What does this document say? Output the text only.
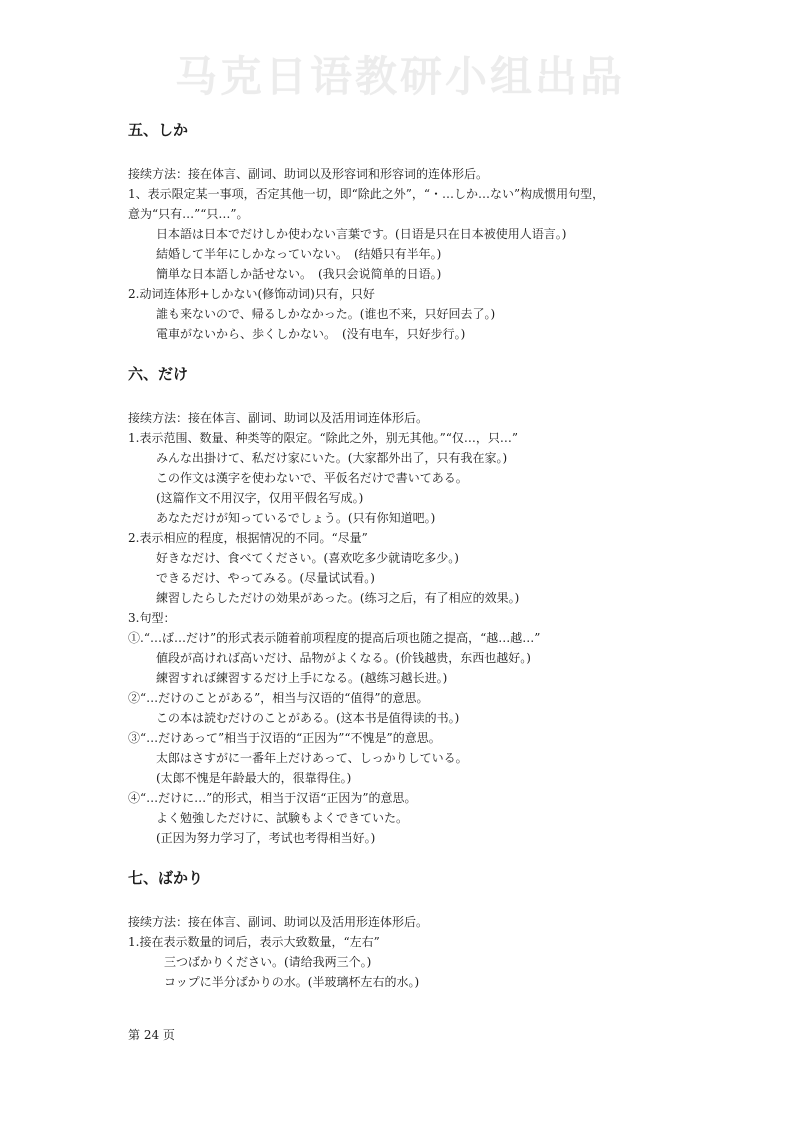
马克日语教研小组出品
五、しか
接续方法：接在体言、副词、助词以及形容词和形容词的连体形后。
1、表示限定某一事项，否定其他一切，即“除此之外”，“・…しか…ない”构成惯用句型，
意为“只有…”“只…”。
日本語は日本でだけしか使わない言葉です。(日语是只在日本被使用人语言。)
結婚して半年にしかなっていない。　(结婚只有半年。)
簡単な日本語しか話せない。　(我只会说简单的日语。)
2.动词连体形+しかない(修饰动词)只有，只好
誰も来ないので、帰るしかなかった。(谁也不来，只好回去了。)
電車がないから、歩くしかない。　(没有电车，只好步行。)
六、だけ
接续方法：接在体言、副词、助词以及活用词连体形后。
1.表示范围、数量、种类等的限定。“除此之外，别无其他。”“仅…，只…”
みんな出掛けて、私だけ家にいた。(大家都外出了，只有我在家。)
この作文は漢字を使わないで、平仮名だけで書いてある。
(这篇作文不用汉字，仅用平假名写成。)
あなただけが知っているでしょう。(只有你知道吧。)
2.表示相应的程度，根据情况的不同。“尽量”
好きなだけ、食べてください。(喜欢吃多少就请吃多少。)
できるだけ、やってみる。(尽量试试看。)
練習したらしただけの効果があった。(练习之后，有了相应的效果。)
3.句型：
①.“…ば…だけ”的形式表示随着前项程度的提高后项也随之提高，“越…越…”
値段が高ければ高いだけ、品物がよくなる。(价钱越贵，东西也越好。)
練習すれば練習するだけ上手になる。(越练习越长进。)
②“…だけのことがある”，相当与汉语的“值得”的意思。
この本は読むだけのことがある。(这本书是值得读的书。)
③“…だけあって”相当于汉语的“正因为”“不愧是”的意思。
太郎はさすがに一番年上だけあって、しっかりしている。
(太郎不愧是年龄最大的，很靠得住。)
④“…だけに…”的形式，相当于汉语“正因为”的意思。
よく勉強しただけに、試験もよくできていた。
(正因为努力学习了，考试也考得相当好。)
七、ばかり
接续方法：接在体言、副词、助词以及活用形连体形后。
1.接在表示数量的词后，表示大致数量，“左右”
三つばかりください。(请给我两三个。)
コップに半分ばかりの水。(半玻璃杯左右的水。)
第 24 页
